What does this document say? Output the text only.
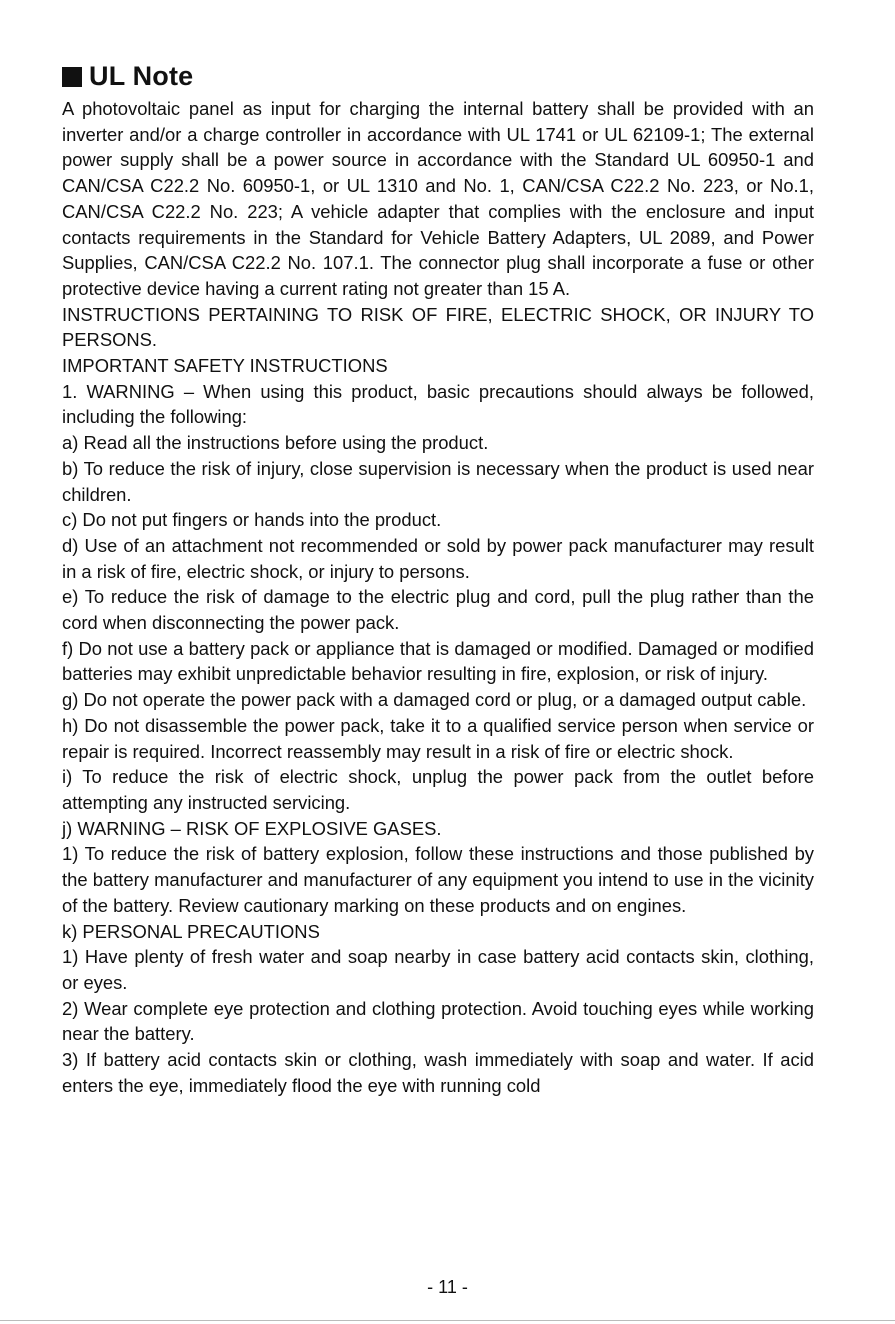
UL Note

A photovoltaic panel as input for charging the internal battery shall be provided with an inverter and/or a charge controller in accordance with UL 1741 or UL 62109-1; The external power supply shall be a power source in accordance with the Standard UL 60950-1 and CAN/CSA C22.2 No. 60950-1, or UL 1310 and No. 1, CAN/CSA C22.2 No. 223, or No.1, CAN/CSA C22.2 No. 223; A vehicle adapter that complies with the enclosure and input contacts requirements in the Standard for Vehicle Battery Adapters, UL 2089, and Power Supplies, CAN/CSA C22.2 No. 107.1. The connector plug shall incorporate a fuse or other protective device having a current rating not greater than 15 A.

INSTRUCTIONS PERTAINING TO RISK OF FIRE, ELECTRIC SHOCK, OR INJURY TO PERSONS.

IMPORTANT SAFETY INSTRUCTIONS

1. WARNING – When using this product, basic precautions should always be followed, including the following:

a) Read all the instructions before using the product.

b) To reduce the risk of injury, close supervision is necessary when the product is used near children.

c) Do not put fingers or hands into the product.

d) Use of an attachment not recommended or sold by power pack manufacturer may result in a risk of fire, electric shock, or injury to persons.

e) To reduce the risk of damage to the electric plug and cord, pull the plug rather than the cord when disconnecting the power pack.

f) Do not use a battery pack or appliance that is damaged or modified. Damaged or modified batteries may exhibit unpredictable behavior resulting in fire, explosion, or risk of injury.

g) Do not operate the power pack with a damaged cord or plug, or a damaged output cable.

h) Do not disassemble the power pack, take it to a qualified service person when service or repair is required. Incorrect reassembly may result in a risk of fire or electric shock.

i) To reduce the risk of electric shock, unplug the power pack from the outlet before attempting any instructed servicing.

j) WARNING – RISK OF EXPLOSIVE GASES.

1) To reduce the risk of battery explosion, follow these instructions and those published by the battery manufacturer and manufacturer of any equipment you intend to use in the vicinity of the battery. Review cautionary marking on these products and on engines.

k) PERSONAL PRECAUTIONS

1) Have plenty of fresh water and soap nearby in case battery acid contacts skin, clothing, or eyes.

2) Wear complete eye protection and clothing protection. Avoid touching eyes while working near the battery.

3) If battery acid contacts skin or clothing, wash immediately with soap and water. If acid enters the eye, immediately flood the eye with running cold

- 11 -
